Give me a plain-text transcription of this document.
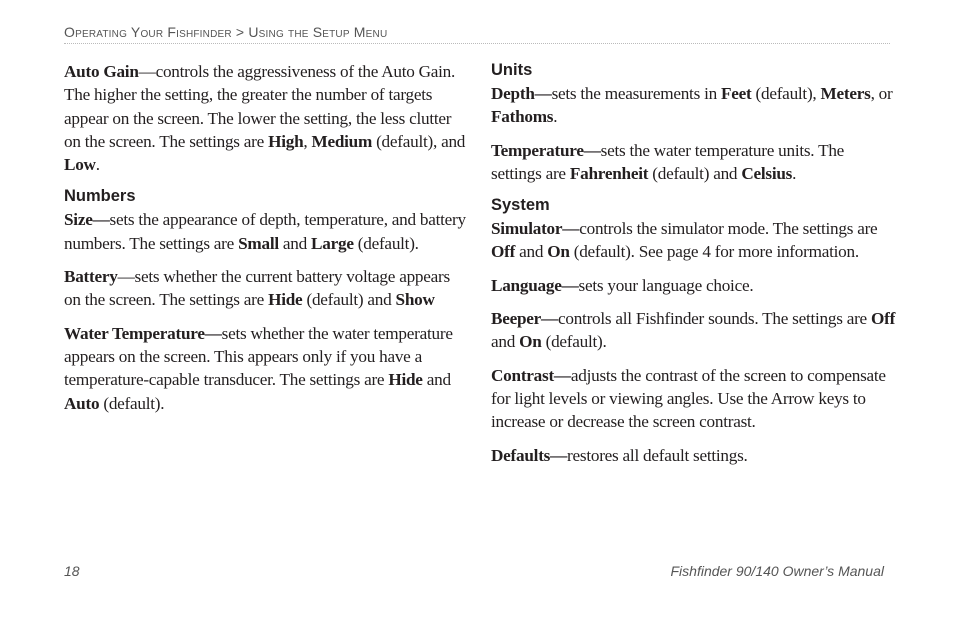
Operating Your Fishfinder > Using the Setup Menu

Auto Gain—controls the aggressiveness of the Auto Gain. The higher the setting, the greater the number of targets appear on the screen. The lower the setting, the less clutter on the screen. The settings are High, Medium (default), and Low.

Numbers

Size—sets the appearance of depth, temperature, and battery numbers. The settings are Small and Large (default).

Battery—sets whether the current battery voltage appears on the screen. The settings are Hide (default) and Show

Water Temperature—sets whether the water temperature appears on the screen. This appears only if you have a temperature-capable transducer. The settings are Hide and Auto (default).

Units

Depth—sets the measurements in Feet (default), Meters, or Fathoms.

Temperature—sets the water temperature units. The settings are Fahrenheit (default) and Celsius.

System

Simulator—controls the simulator mode. The settings are Off and On (default). See page 4 for more information.

Language—sets your language choice.

Beeper—controls all Fishfinder sounds. The settings are Off and On (default).

Contrast—adjusts the contrast of the screen to compensate for light levels or viewing angles. Use the Arrow keys to increase or decrease the screen contrast.

Defaults—restores all default settings.

18	Fishfinder 90/140 Owner’s Manual
